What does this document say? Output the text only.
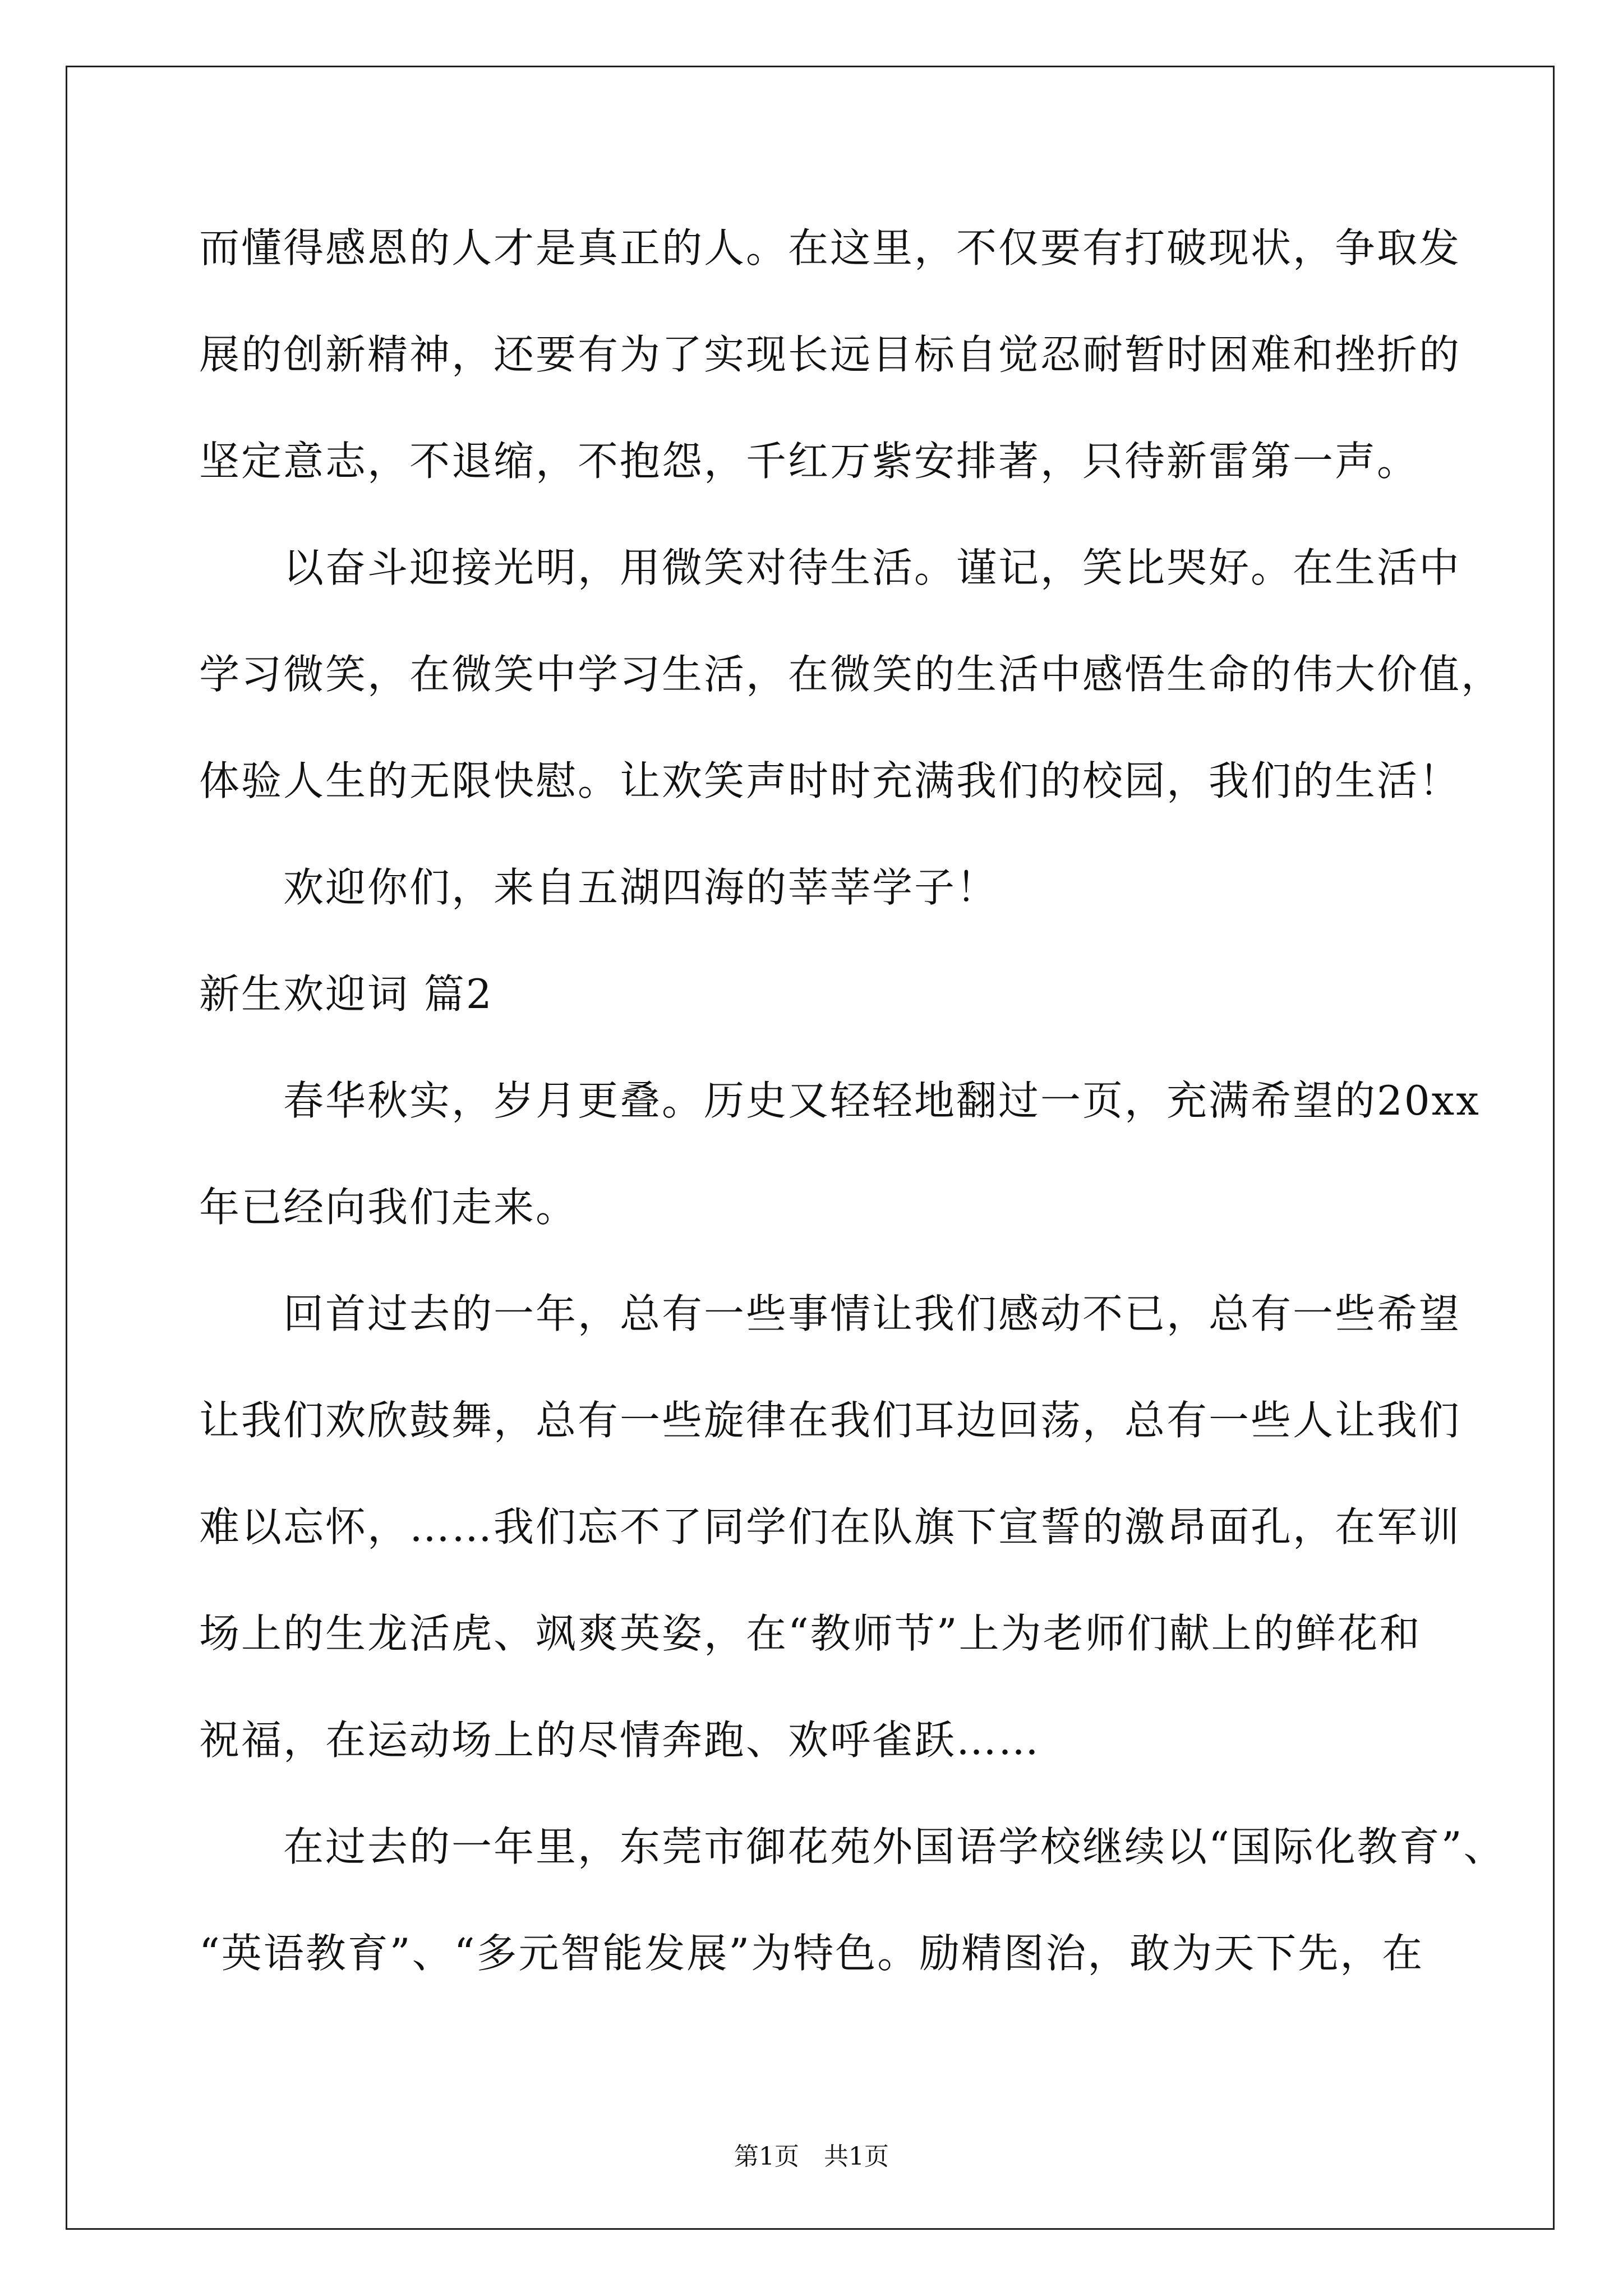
而懂得感恩的人才是真正的人。在这里，不仅要有打破现状，争取发
展的创新精神，还要有为了实现长远目标自觉忍耐暂时困难和挫折的
坚定意志，不退缩，不抱怨，千红万紫安排著，只待新雷第一声。
以奋斗迎接光明，用微笑对待生活。谨记，笑比哭好。在生活中
学习微笑，在微笑中学习生活，在微笑的生活中感悟生命的伟大价值，
体验人生的无限快慰。让欢笑声时时充满我们的校园，我们的生活！
欢迎你们，来自五湖四海的莘莘学子！
新生欢迎词 篇2
春华秋实，岁月更叠。历史又轻轻地翻过一页，充满希望的20xx
年已经向我们走来。
回首过去的一年，总有一些事情让我们感动不已，总有一些希望
让我们欢欣鼓舞，总有一些旋律在我们耳边回荡，总有一些人让我们
难以忘怀，……我们忘不了同学们在队旗下宣誓的激昂面孔，在军训
场上的生龙活虎、飒爽英姿，在“教师节”上为老师们献上的鲜花和
祝福，在运动场上的尽情奔跑、欢呼雀跃……
在过去的一年里，东莞市御花苑外国语学校继续以“国际化教育”、
“英语教育”、“多元智能发展”为特色。励精图治，敢为天下先，在
第1页　共1页
